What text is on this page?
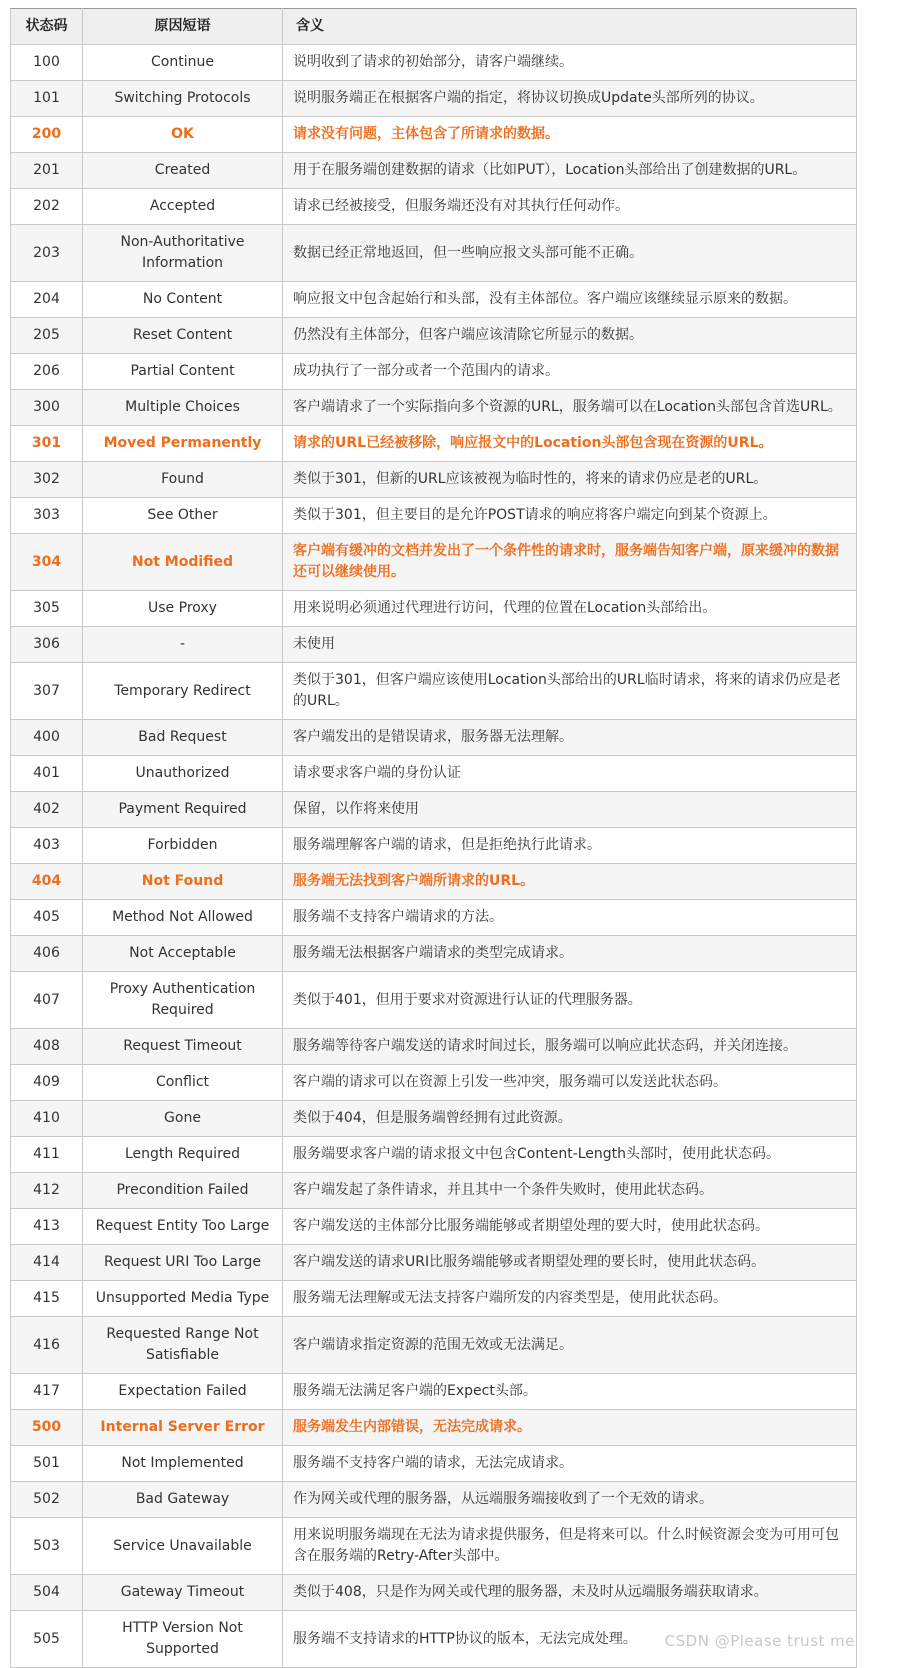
状态码	原因短语	含义
100	Continue	说明收到了请求的初始部分，请客户端继续。
101	Switching Protocols	说明服务端正在根据客户端的指定，将协议切换成Update头部所列的协议。
200	OK	请求没有问题，主体包含了所请求的数据。
201	Created	用于在服务端创建数据的请求（比如PUT），Location头部给出了创建数据的URL。
202	Accepted	请求已经被接受，但服务端还没有对其执行任何动作。
203	Non-Authoritative Information	数据已经正常地返回，但一些响应报文头部可能不正确。
204	No Content	响应报文中包含起始行和头部，没有主体部位。客户端应该继续显示原来的数据。
205	Reset Content	仍然没有主体部分，但客户端应该清除它所显示的数据。
206	Partial Content	成功执行了一部分或者一个范围内的请求。
300	Multiple Choices	客户端请求了一个实际指向多个资源的URL，服务端可以在Location头部包含首选URL。
301	Moved Permanently	请求的URL已经被移除，响应报文中的Location头部包含现在资源的URL。
302	Found	类似于301，但新的URL应该被视为临时性的，将来的请求仍应是老的URL。
303	See Other	类似于301，但主要目的是允许POST请求的响应将客户端定向到某个资源上。
304	Not Modified	客户端有缓冲的文档并发出了一个条件性的请求时，服务端告知客户端，原来缓冲的数据还可以继续使用。
305	Use Proxy	用来说明必须通过代理进行访问，代理的位置在Location头部给出。
306	-	未使用
307	Temporary Redirect	类似于301，但客户端应该使用Location头部给出的URL临时请求，将来的请求仍应是老的URL。
400	Bad Request	客户端发出的是错误请求，服务器无法理解。
401	Unauthorized	请求要求客户端的身份认证
402	Payment Required	保留，以作将来使用
403	Forbidden	服务端理解客户端的请求，但是拒绝执行此请求。
404	Not Found	服务端无法找到客户端所请求的URL。
405	Method Not Allowed	服务端不支持客户端请求的方法。
406	Not Acceptable	服务端无法根据客户端请求的类型完成请求。
407	Proxy Authentication Required	类似于401，但用于要求对资源进行认证的代理服务器。
408	Request Timeout	服务端等待客户端发送的请求时间过长，服务端可以响应此状态码，并关闭连接。
409	Conflict	客户端的请求可以在资源上引发一些冲突，服务端可以发送此状态码。
410	Gone	类似于404，但是服务端曾经拥有过此资源。
411	Length Required	服务端要求客户端的请求报文中包含Content-Length头部时，使用此状态码。
412	Precondition Failed	客户端发起了条件请求，并且其中一个条件失败时，使用此状态码。
413	Request Entity Too Large	客户端发送的主体部分比服务端能够或者期望处理的要大时，使用此状态码。
414	Request URI Too Large	客户端发送的请求URI比服务端能够或者期望处理的要长时，使用此状态码。
415	Unsupported Media Type	服务端无法理解或无法支持客户端所发的内容类型是，使用此状态码。
416	Requested Range Not Satisfiable	客户端请求指定资源的范围无效或无法满足。
417	Expectation Failed	服务端无法满足客户端的Expect头部。
500	Internal Server Error	服务端发生内部错误，无法完成请求。
501	Not Implemented	服务端不支持客户端的请求，无法完成请求。
502	Bad Gateway	作为网关或代理的服务器，从远端服务端接收到了一个无效的请求。
503	Service Unavailable	用来说明服务端现在无法为请求提供服务，但是将来可以。什么时候资源会变为可用可包含在服务端的Retry-After头部中。
504	Gateway Timeout	类似于408，只是作为网关或代理的服务器，未及时从远端服务端获取请求。
505	HTTP Version Not Supported	服务端不支持请求的HTTP协议的版本，无法完成处理。 CSDN @Please trust me
